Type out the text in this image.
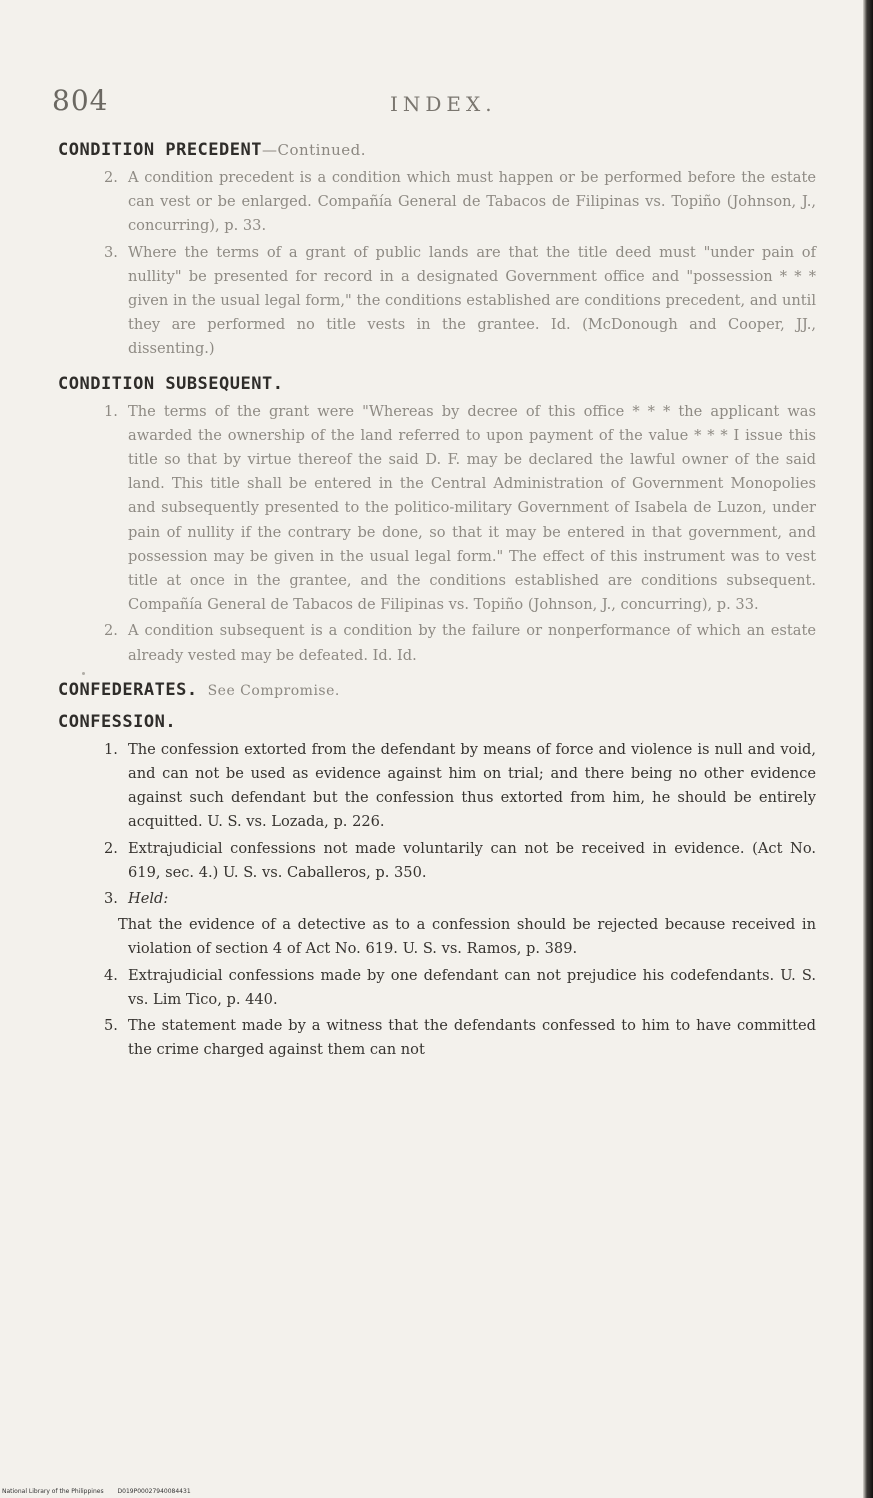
804	INDEX.
CONDITION PRECEDENT—Continued.

2. A condition precedent is a condition which must happen or be performed before the estate can vest or be enlarged. Compañía General de Tabacos de Filipinas vs. Topiño (Johnson, J., concurring), p. 33.

3. Where the terms of a grant of public lands are that the title deed must "under pain of nullity" be presented for record in a designated Government office and "possession * * * given in the usual legal form," the conditions established are conditions precedent, and until they are performed no title vests in the grantee. Id. (McDonough and Cooper, JJ., dissenting.)

CONDITION SUBSEQUENT.

1. The terms of the grant were "Whereas by decree of this office * * * the applicant was awarded the ownership of the land referred to upon payment of the value * * * I issue this title so that by virtue thereof the said D. F. may be declared the lawful owner of the said land. This title shall be entered in the Central Administration of Government Monopolies and subsequently presented to the politico-military Government of Isabela de Luzon, under pain of nullity if the contrary be done, so that it may be entered in that government, and possession may be given in the usual legal form." The effect of this instrument was to vest title at once in the grantee, and the conditions established are conditions subsequent. Compañía General de Tabacos de Filipinas vs. Topiño (Johnson, J., concurring), p. 33.

2. A condition subsequent is a condition by the failure or nonperformance of which an estate already vested may be defeated. Id. Id.

CONFEDERATES. See Compromise.
CONFESSION.

1. The confession extorted from the defendant by means of force and violence is null and void, and can not be used as evidence against him on trial; and there being no other evidence against such defendant but the confession thus extorted from him, he should be entirely acquitted. U. S. vs. Lozada, p. 226.

2. Extrajudicial confessions not made voluntarily can not be received in evidence. (Act No. 619, sec. 4.) U. S. vs. Caballeros, p. 350.

3. Held:

That the evidence of a detective as to a confession should be rejected because received in violation of section 4 of Act No. 619. U. S. vs. Ramos, p. 389.

4. Extrajudicial confessions made by one defendant can not prejudice his codefendants. U. S. vs. Lim Tico, p. 440.

5. The statement made by a witness that the defendants confessed to him to have committed the crime charged against them can not

National Library of the Philippines D019P00027940084431
